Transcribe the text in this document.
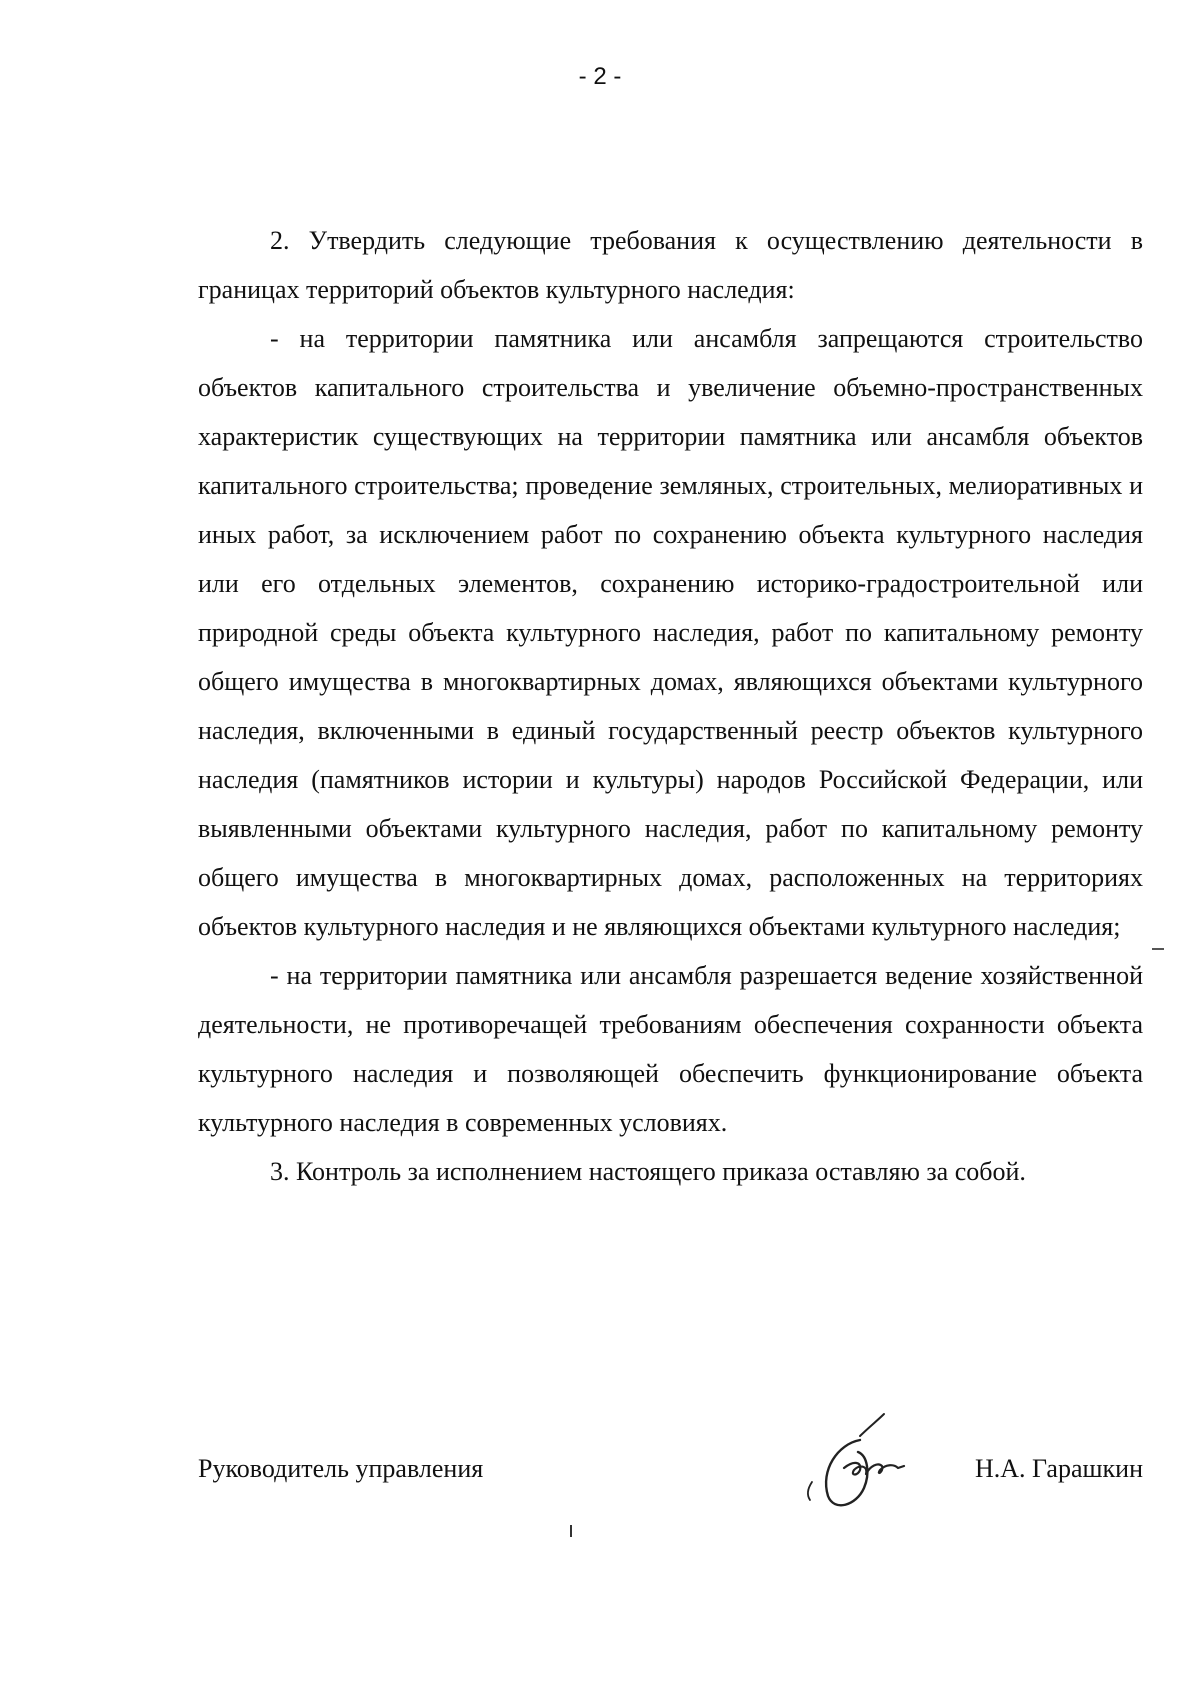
- 2 -

2. Утвердить следующие требования к осуществлению деятельности в границах территорий объектов культурного наследия:

- на территории памятника или ансамбля запрещаются строительство объектов капитального строительства и увеличение объемно-пространственных характеристик существующих на территории памятника или ансамбля объектов капитального строительства; проведение земляных, строительных, мелиоративных и иных работ, за исключением работ по сохранению объекта культурного наследия или его отдельных элементов, сохранению историко-градостроительной или природной среды объекта культурного наследия, работ по капитальному ремонту общего имущества в многоквартирных домах, являющихся объектами культурного наследия, включенными в единый государственный реестр объектов культурного наследия (памятников истории и культуры) народов Российской Федерации, или выявленными объектами культурного наследия, работ по капитальному ремонту общего имущества в многоквартирных домах, расположенных на территориях объектов культурного наследия и не являющихся объектами культурного наследия;

- на территории памятника или ансамбля разрешается ведение хозяйственной деятельности, не противоречащей требованиям обеспечения сохранности объекта культурного наследия и позволяющей обеспечить функционирование объекта культурного наследия в современных условиях.

3. Контроль за исполнением настоящего приказа оставляю за собой.

Руководитель управления	Н.А. Гарашкин
